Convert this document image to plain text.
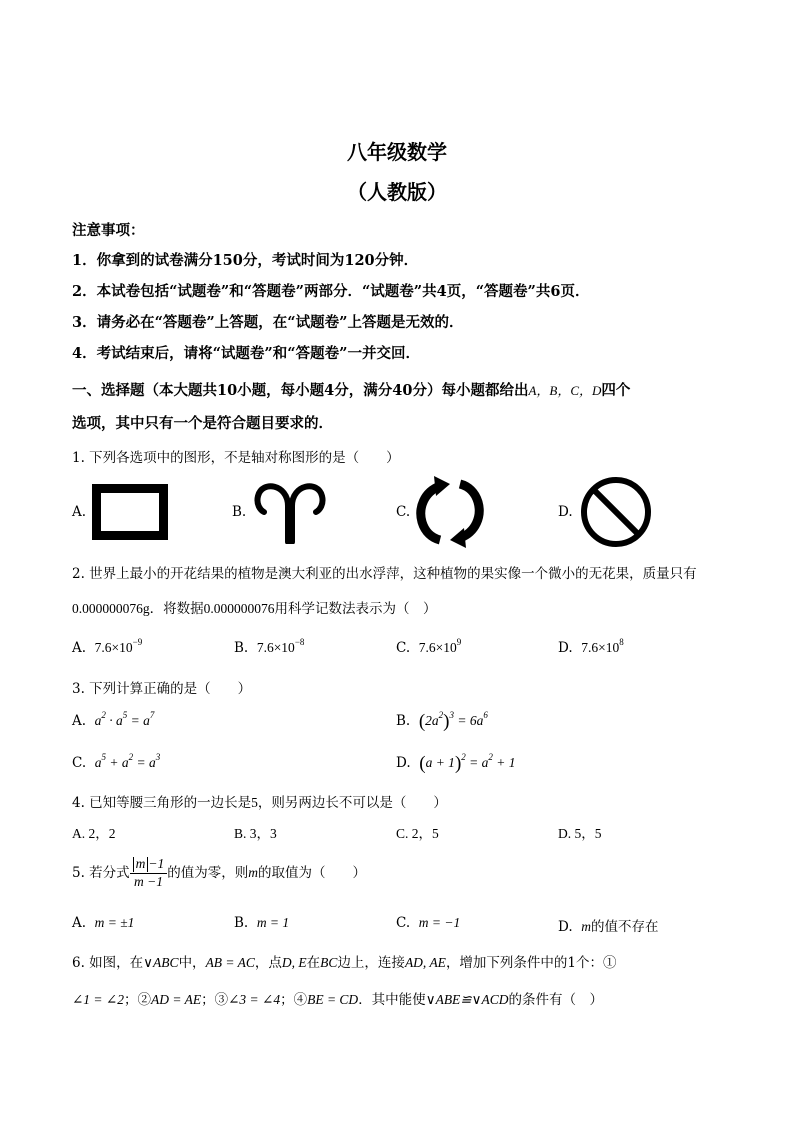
八年级数学
（人教版）
注意事项：
1．你拿到的试卷满分150分，考试时间为120分钟．
2．本试卷包括“试题卷”和“答题卷”两部分．“试题卷”共4页，“答题卷”共6页．
3．请务必在“答题卷”上答题，在“试题卷”上答题是无效的．
4．考试结束后，请将“试题卷”和“答题卷”一并交回．
一、选择题（本大题共10小题，每小题4分，满分40分）每小题都给出A，B，C，D四个
选项，其中只有一个是符合题目要求的．
1. 下列各选项中的图形，不是轴对称图形的是（　　）
A.	B.	C.	D.
2. 世界上最小的开花结果的植物是澳大利亚的出水浮萍，这种植物的果实像一个微小的无花果，质量只有
0.000000076g．将数据0.000000076用科学记数法表示为（　）
A. $7.6\times 10^{-9}$	B. $7.6\times 10^{-8}$	C. $7.6\times 10^9$	D. $7.6\times 10^8$
3. 下列计算正确的是（　　）
A. $a^2 \cdot a^5 = a^7$	B. $(2a^2)^3 = 6a^6$
C. $a^5 + a^2 = a^3$	D. $(a + 1)^2 = a^2 + 1$
4. 已知等腰三角形的一边长是5，则另两边长不可以是（　　）
A. 2，2	B. 3，3	C. 2，5	D. 5，5
5. 若分式 $\frac{m -1}{m -1}$ 的值为零，则m的取值为（　　）
A. m = ±1	B. m = 1	C. m = −1	D. m的值不存在
6. 如图，在∨ABC中，AB = AC，点D, E在BC边上，连接AD, AE，增加下列条件中的1个：①
∠1 = ∠2；②AD = AE；③∠3 = ∠4；④BE = CD．其中能使∨ABE≌∨ACD的条件有（　）
